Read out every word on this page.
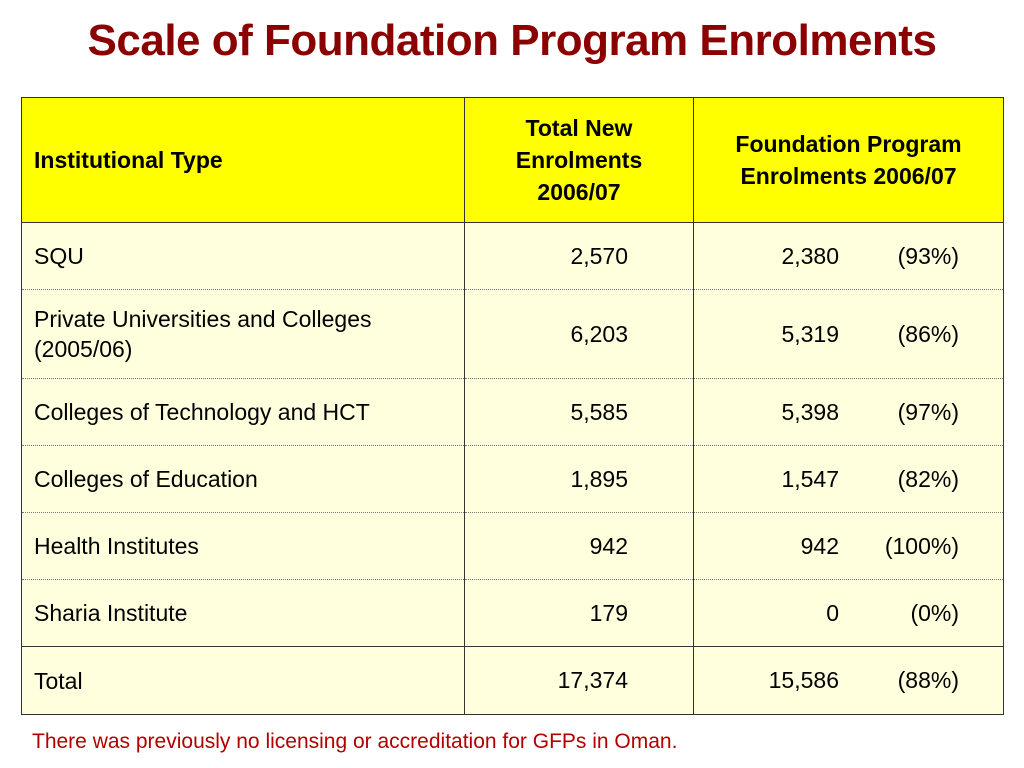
Scale of Foundation Program Enrolments
Institutional Type	Total New Enrolments 2006/07	Foundation Program Enrolments 2006/07
SQU	2,570	2,380 (93%)

Private Universities and Colleges (2005/06)	6,203	5,319 (86%)

Colleges of Technology and HCT	5,585	5,398 (97%)

Colleges of Education	1,895	1,547 (82%)

Health Institutes	942	942 (100%)

Sharia Institute	179	0 (0%)

Total	17,374	15,586 (88%)
There was previously no licensing or accreditation for GFPs in Oman.
